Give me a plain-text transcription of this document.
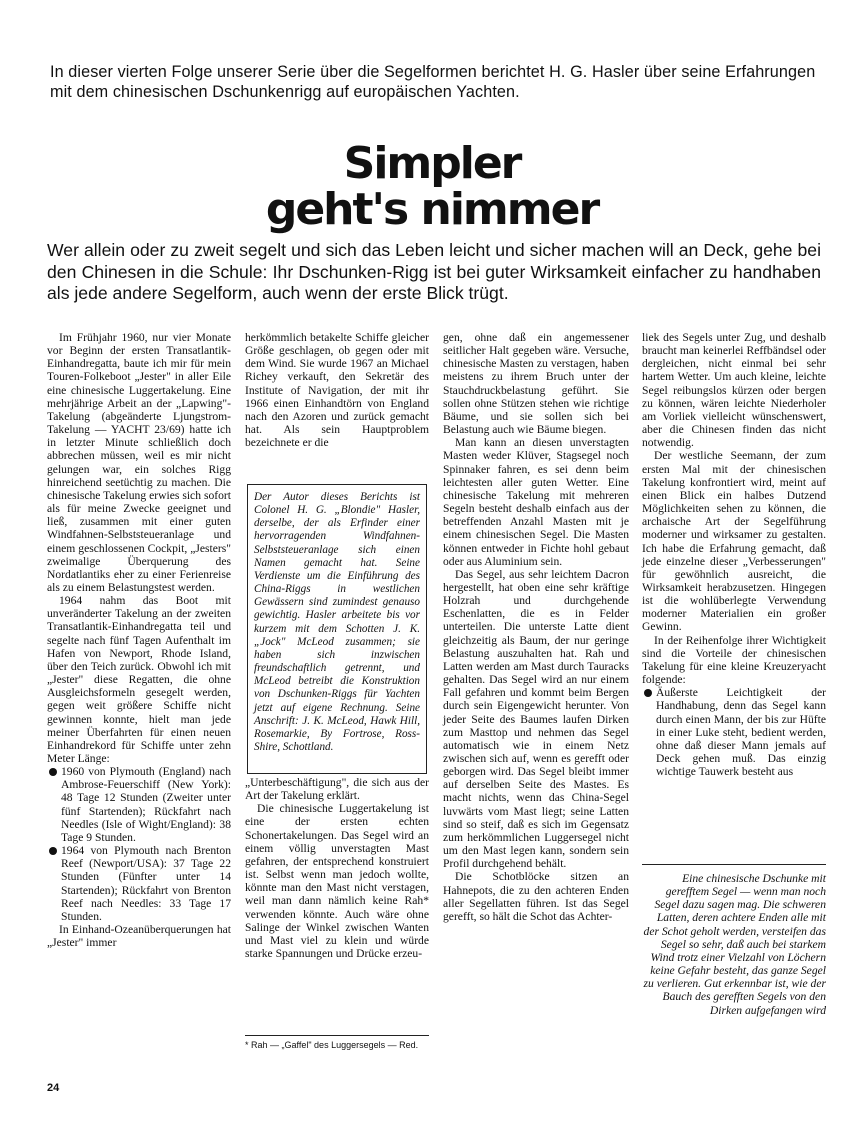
In dieser vierten Folge unserer Serie über die Segelformen berichtet H. G. Hasler über seine Erfahrungen mit dem chinesischen Dschunkenrigg auf europäischen Yachten.
Simpler
geht's nimmer
Wer allein oder zu zweit segelt und sich das Leben leicht und sicher machen will an Deck, gehe bei den Chinesen in die Schule: Ihr Dschunken-Rigg ist bei guter Wirksamkeit einfacher zu handhaben als jede andere Segelform, auch wenn der erste Blick trügt.

Im Frühjahr 1960, nur vier Monate vor Beginn der ersten Transatlantik-Einhandregatta, baute ich mir für mein Touren-Folkeboot „Jester" in aller Eile eine chinesische Luggertakelung. Eine mehrjährige Arbeit an der „Lapwing"-Takelung (abgeänderte Ljungstrom-Takelung — YACHT 23/69) hatte ich in letzter Minute schließlich doch abbrechen müssen, weil es mir nicht gelungen war, ein solches Rigg hinreichend seetüchtig zu machen. Die chinesische Takelung erwies sich sofort als für meine Zwecke geeignet und ließ, zusammen mit einer guten Windfahnen-Selbststeueranlage und einem geschlossenen Cockpit, „Jesters" zweimalige Überquerung des Nordatlantiks eher zu einer Ferienreise als zu einem Belastungstest werden.

1964 nahm das Boot mit unveränderter Takelung an der zweiten Transatlantik-Einhandregatta teil und segelte nach fünf Tagen Aufenthalt im Hafen von Newport, Rhode Island, über den Teich zurück. Obwohl ich mit „Jester" diese Regatten, die ohne Ausgleichsformeln gesegelt werden, gegen weit größere Schiffe nicht gewinnen konnte, hielt man jede meiner Überfahrten für einen neuen Einhandrekord für Schiffe unter zehn Meter Länge:

1960 von Plymouth (England) nach Ambrose-Feuerschiff (New York): 48 Tage 12 Stunden (Zweiter unter fünf Startenden); Rückfahrt nach Needles (Isle of Wight/England): 38 Tage 9 Stunden.

1964 von Plymouth nach Brenton Reef (Newport/USA): 37 Tage 22 Stunden (Fünfter unter 14 Startenden); Rückfahrt von Brenton Reef nach Needles: 33 Tage 17 Stunden.

In Einhand-Ozeanüberquerungen hat „Jester" immer

herkömmlich betakelte Schiffe gleicher Größe geschlagen, ob gegen oder mit dem Wind. Sie wurde 1967 an Michael Richey verkauft, den Sekretär des Institute of Navigation, der mit ihr 1966 einen Einhandtörn von England nach den Azoren und zurück gemacht hat. Als sein Hauptproblem bezeichnete er die

Der Autor dieses Berichts ist Colonel H. G. „Blondie" Hasler, derselbe, der als Erfinder einer hervorragenden Windfahnen-Selbststeueranlage sich einen Namen gemacht hat. Seine Verdienste um die Einführung des China-Riggs in westlichen Gewässern sind zumindest genauso gewichtig. Hasler arbeitete bis vor kurzem mit dem Schotten J. K. „Jock" McLeod zusammen; sie haben sich inzwischen freundschaftlich getrennt, und McLeod betreibt die Konstruktion von Dschunken-Riggs für Yachten jetzt auf eigene Rechnung. Seine Anschrift: J. K. McLeod, Hawk Hill, Rosemarkie, By Fortrose, Ross-Shire, Schottland.

„Unterbeschäftigung", die sich aus der Art der Takelung erklärt.

Die chinesische Luggertakelung ist eine der ersten echten Schonertakelungen. Das Segel wird an einem völlig unverstagten Mast gefahren, der entsprechend konstruiert ist. Selbst wenn man jedoch wollte, könnte man den Mast nicht verstagen, weil man dann nämlich keine Rah* verwenden könnte. Auch wäre ohne Salinge der Winkel zwischen Wanten und Mast viel zu klein und würde starke Spannungen und Drücke erzeu-

* Rah — „Gaffel" des Luggersegels — Red.

gen, ohne daß ein angemessener seitlicher Halt gegeben wäre. Versuche, chinesische Masten zu verstagen, haben meistens zu ihrem Bruch unter der Stauchdruckbelastung geführt. Sie sollen ohne Stützen stehen wie richtige Bäume, und sie sollen sich bei Belastung auch wie Bäume biegen.

Man kann an diesen unverstagten Masten weder Klüver, Stagsegel noch Spinnaker fahren, es sei denn beim leichtesten aller guten Wetter. Eine chinesische Takelung mit mehreren Segeln besteht deshalb einfach aus der betreffenden Anzahl Masten mit je einem chinesischen Segel. Die Masten können entweder in Fichte hohl gebaut oder aus Aluminium sein.

Das Segel, aus sehr leichtem Dacron hergestellt, hat oben eine sehr kräftige Holzrah und durchgehende Eschenlatten, die es in Felder unterteilen. Die unterste Latte dient gleichzeitig als Baum, der nur geringe Belastung auszuhalten hat. Rah und Latten werden am Mast durch Tauracks gehalten. Das Segel wird an nur einem Fall gefahren und kommt beim Bergen durch sein Eigengewicht herunter. Von jeder Seite des Baumes laufen Dirken zum Masttop und nehmen das Segel automatisch wie in einem Netz zwischen sich auf, wenn es gerefft oder geborgen wird. Das Segel bleibt immer auf derselben Seite des Mastes. Es macht nichts, wenn das China-Segel luvwärts vom Mast liegt; seine Latten sind so steif, daß es sich im Gegensatz zum herkömmlichen Luggersegel nicht um den Mast legen kann, sondern sein Profil durchgehend behält.

Die Schotblöcke sitzen an Hahnepots, die zu den achteren Enden aller Segellatten führen. Ist das Segel gerefft, so hält die Schot das Achter-

liek des Segels unter Zug, und deshalb braucht man keinerlei Reffbändsel oder dergleichen, nicht einmal bei sehr hartem Wetter. Um auch kleine, leichte Segel reibungslos kürzen oder bergen zu können, wären leichte Niederholer am Vorliek vielleicht wünschenswert, aber die Chinesen finden das nicht notwendig.

Der westliche Seemann, der zum ersten Mal mit der chinesischen Takelung konfrontiert wird, meint auf einen Blick ein halbes Dutzend Möglichkeiten sehen zu können, die archaische Art der Segelführung moderner und wirksamer zu gestalten. Ich habe die Erfahrung gemacht, daß jede einzelne dieser „Verbesserungen" für gewöhnlich ausreicht, die Wirksamkeit herabzusetzen. Hingegen ist die wohlüberlegte Verwendung moderner Materialien ein großer Gewinn.

In der Reihenfolge ihrer Wichtigkeit sind die Vorteile der chinesischen Takelung für eine kleine Kreuzeryacht folgende:

Äußerste Leichtigkeit der Handhabung, denn das Segel kann durch einen Mann, der bis zur Hüfte in einer Luke steht, bedient werden, ohne daß dieser Mann jemals auf Deck gehen muß. Das einzig wichtige Tauwerk besteht aus

Eine chinesische Dschunke mit gerefftem Segel — wenn man noch Segel dazu sagen mag. Die schweren Latten, deren achtere Enden alle mit der Schot geholt werden, versteifen das Segel so sehr, daß auch bei starkem Wind trotz einer Vielzahl von Löchern keine Gefahr besteht, das ganze Segel zu verlieren. Gut erkennbar ist, wie der Bauch des gerefften Segels von den Dirken aufgefangen wird

24
